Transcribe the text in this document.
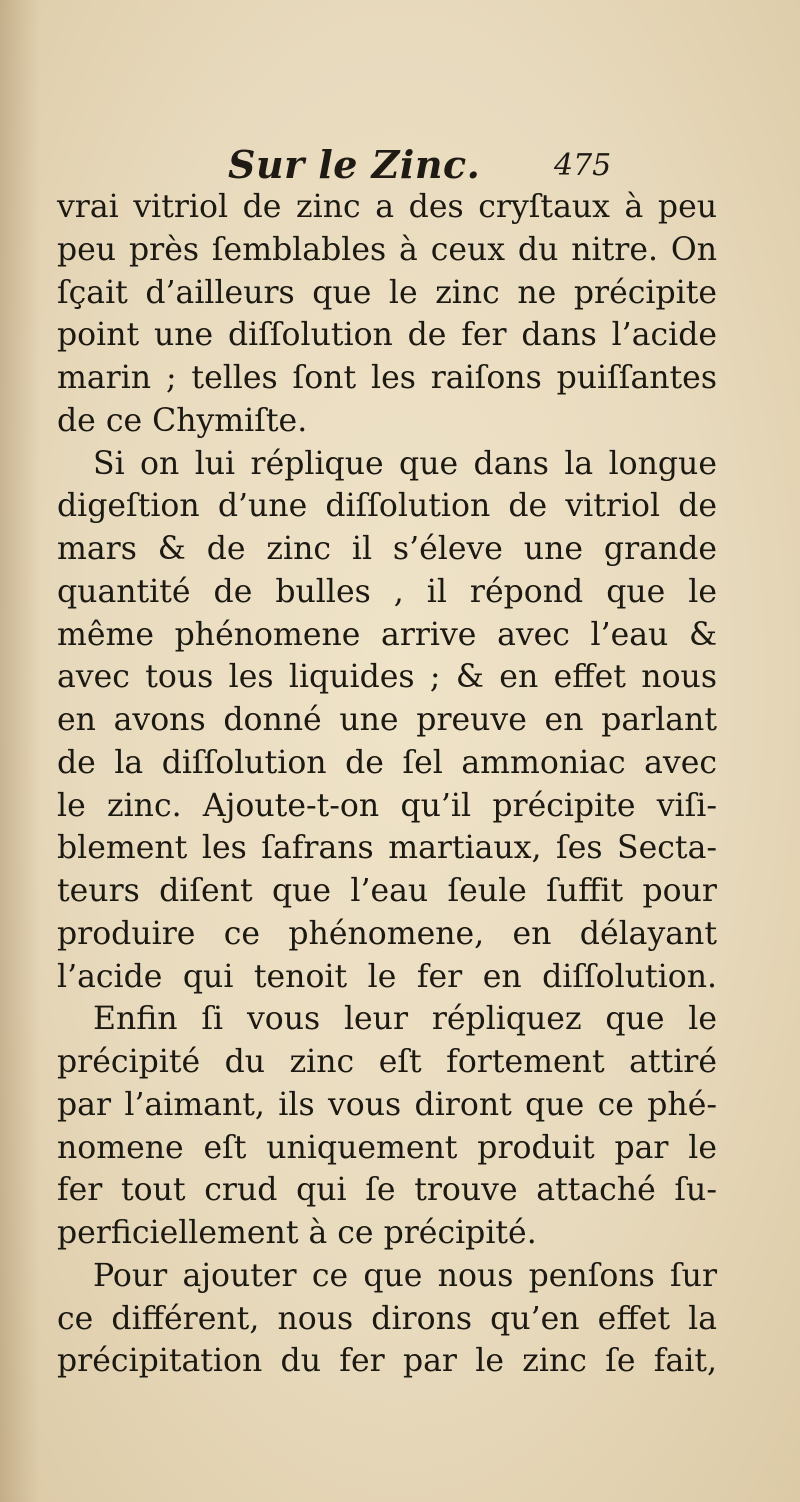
Sur le Zinc. 475
vrai vitriol de zinc a des cryſtaux à peu
peu près ſemblables à ceux du nitre. On
ſçait d’ailleurs que le zinc ne précipite
point une diſſolution de fer dans l’acide
marin ; telles ſont les raiſons puiſſantes
de ce Chymiſte.
Si on lui réplique que dans la longue
digeſtion d’une diſſolution de vitriol de
mars & de zinc il s’éleve une grande
quantité de bulles , il répond que le
même phénomene arrive avec l’eau &
avec tous les liquides ; & en effet nous
en avons donné une preuve en parlant
de la diſſolution de ſel ammoniac avec
le zinc. Ajoute-t-on qu’il précipite viſi-
blement les ſafrans martiaux, ſes Secta-
teurs diſent que l’eau ſeule ſuffit pour
produire ce phénomene, en délayant
l’acide qui tenoit le fer en diſſolution.
Enfin ſi vous leur répliquez que le
précipité du zinc eſt fortement attiré
par l’aimant, ils vous diront que ce phé-
nomene eſt uniquement produit par le
fer tout crud qui ſe trouve attaché ſu-
perficiellement à ce précipité.
Pour ajouter ce que nous penſons ſur
ce différent, nous dirons qu’en effet la
précipitation du fer par le zinc ſe fait,
